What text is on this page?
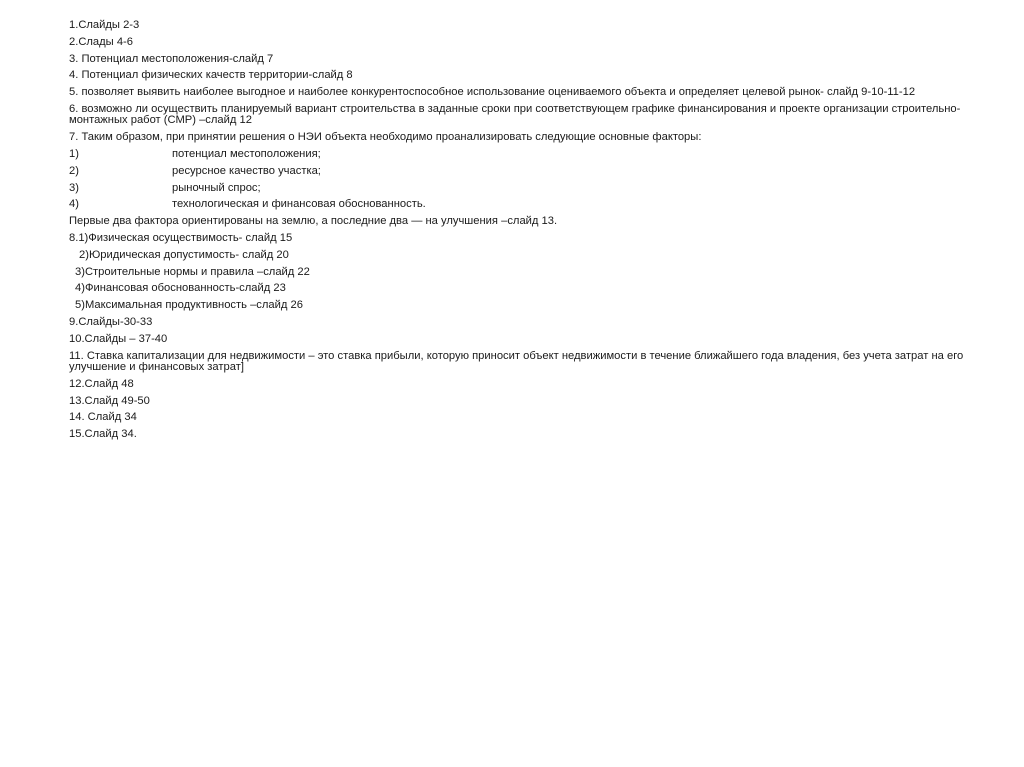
1.Слайды 2-3

2.Слады 4-6

3. Потенциал местоположения-слайд 7

4. Потенциал физических качеств территории-слайд 8

5. позволяет выявить наиболее выгодное и наиболее конкурентоспособное использование оцениваемого объекта и определяет целевой рынок- слайд 9-10-11-12

6. возможно ли осуществить планируемый вариант строительства в заданные сроки при соответствующем графике финансирования и проекте организации строительно-монтажных работ (СМР) –слайд 12

7. Таким образом, при принятии решения о НЭИ объекта необходимо проанализировать следующие основные факторы:

1)	потенциал местоположения;
2)	ресурсное качество участка;
3)	рыночный спрос;
4)	технологическая и финансовая обоснованность.

Первые два фактора ориентированы на землю, а последние два — на улучшения –слайд 13.

8.1)Физическая осуществимость- слайд 15

2)Юридическая допустимость- слайд 20

3)Строительные нормы и правила –слайд 22

4)Финансовая обоснованность-слайд 23

5)Максимальная продуктивность –слайд 26

9.Слайды-30-33

10.Слайды – 37-40

11. Ставка капитализации для недвижимости – это ставка прибыли, которую приносит объект недвижимости в течение ближайшего года владения, без учета затрат на его улучшение и финансовых затрат]

12.Слайд 48

13.Слайд 49-50

14. Слайд 34

15.Слайд 34.
